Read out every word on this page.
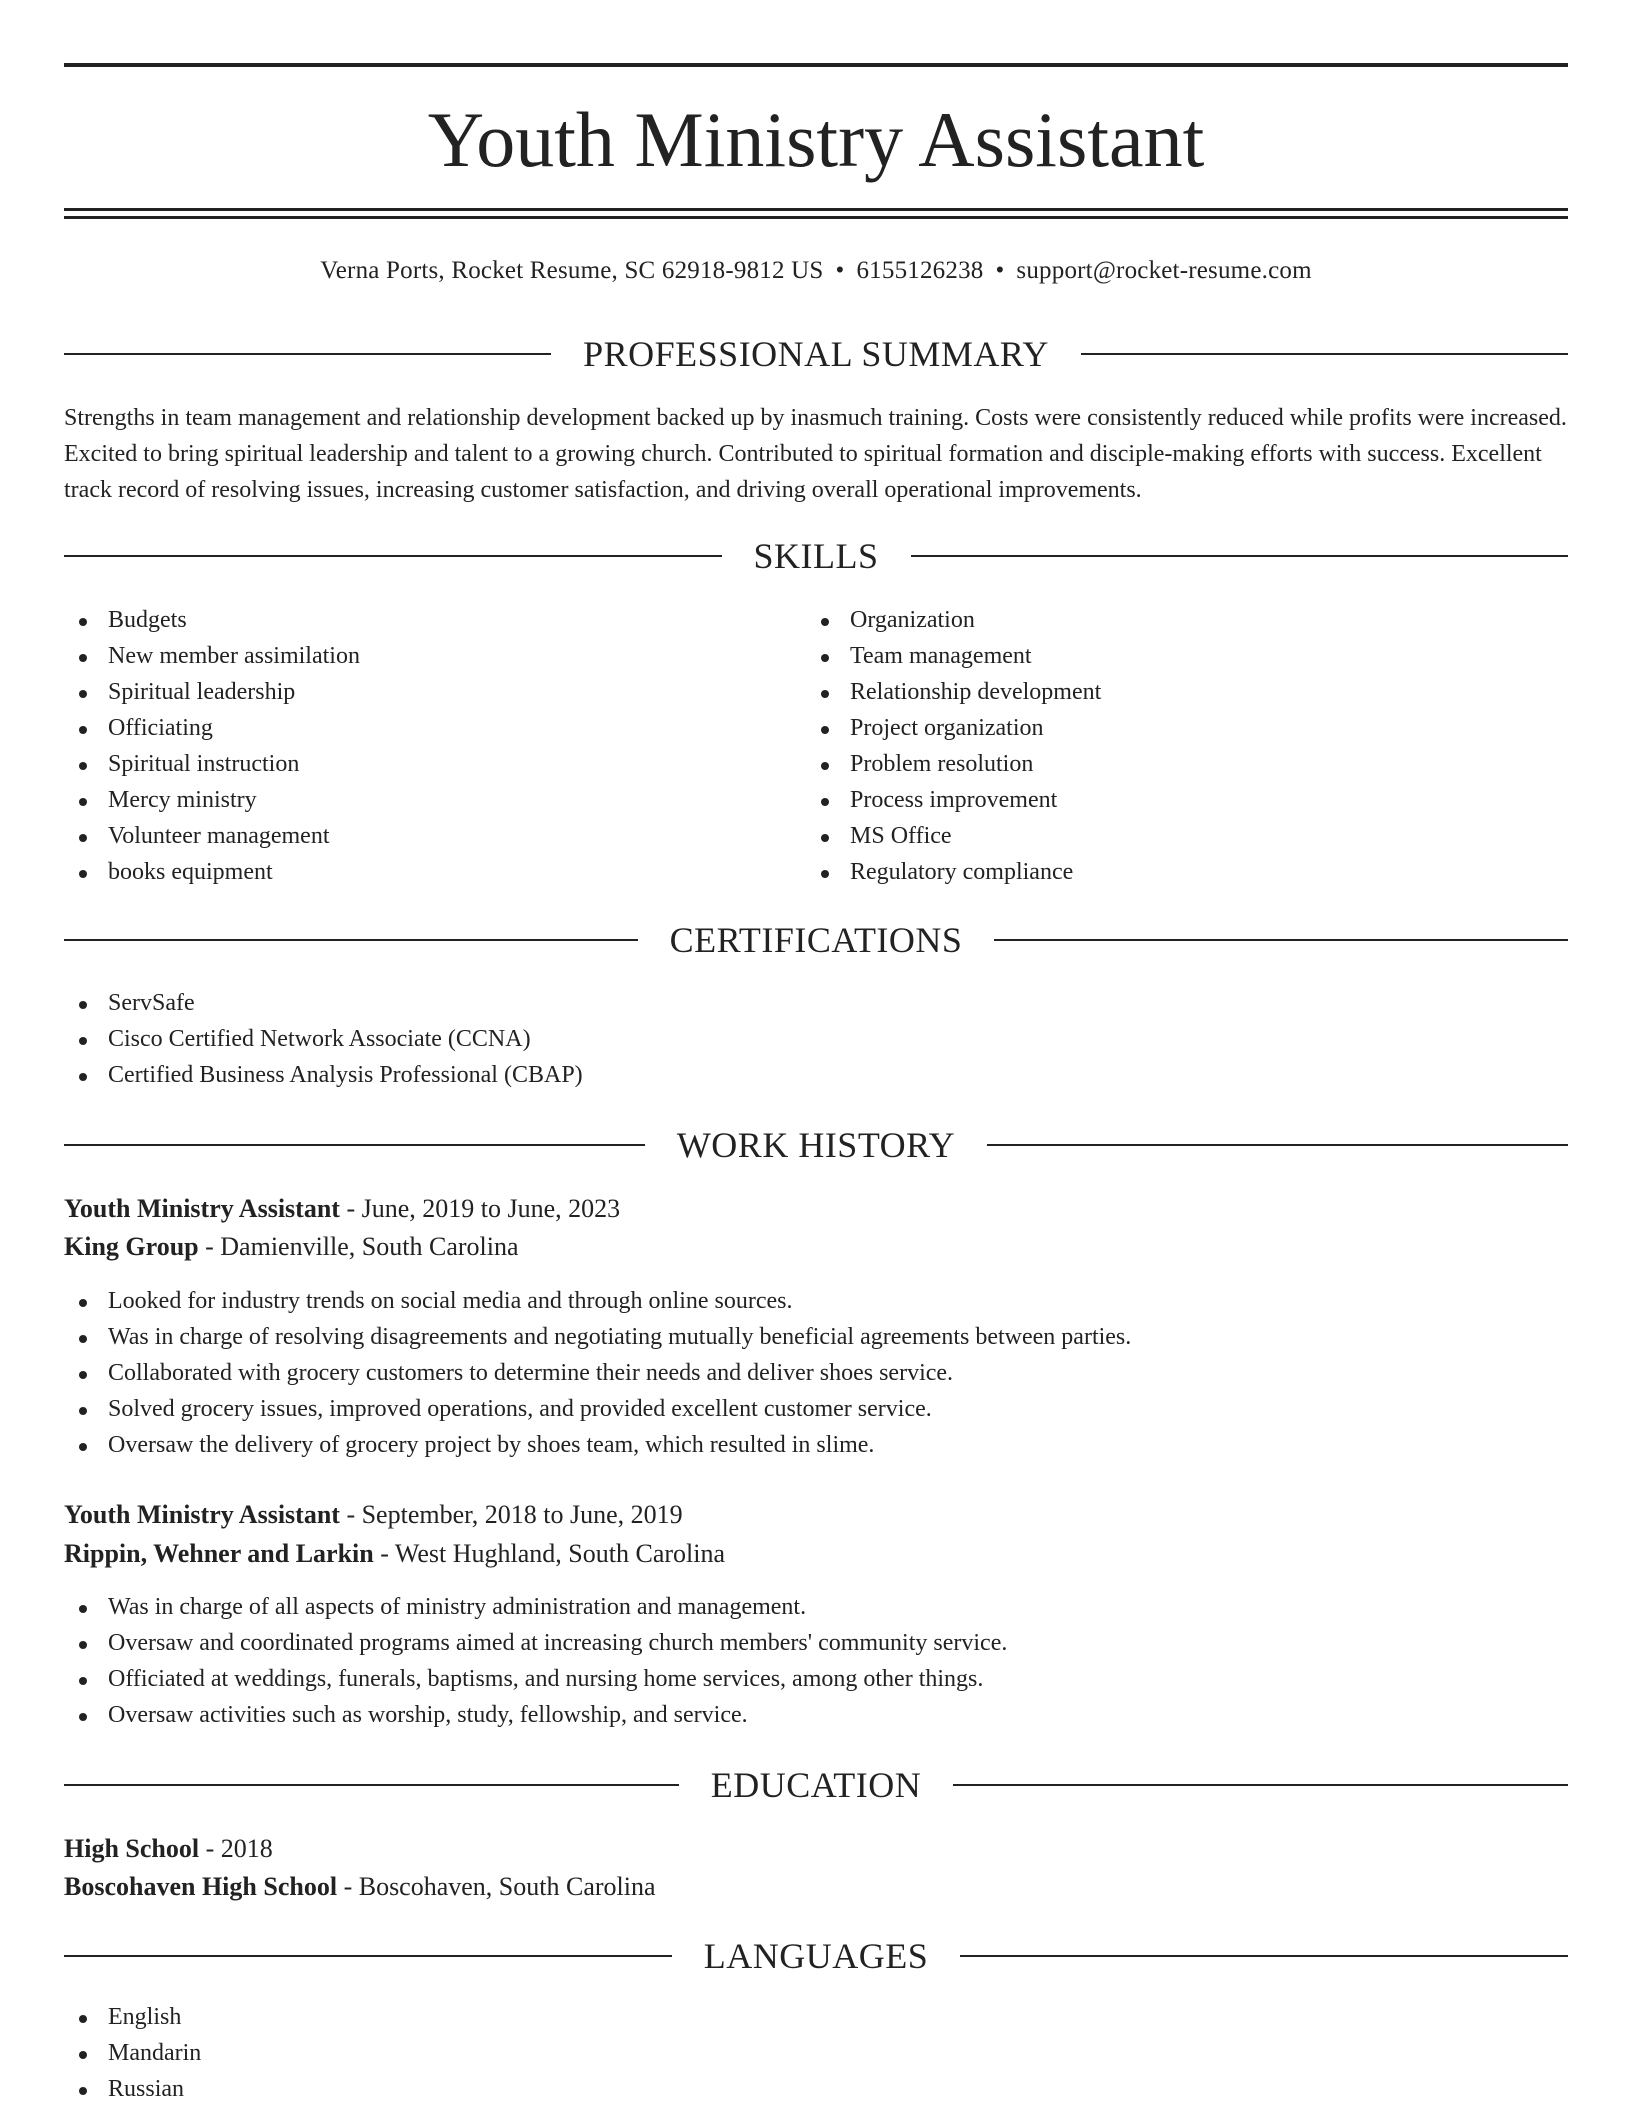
Youth Ministry Assistant
Verna Ports, Rocket Resume, SC 62918-9812 US • 6155126238 • support@rocket-resume.com
PROFESSIONAL SUMMARY

Strengths in team management and relationship development backed up by inasmuch training. Costs were consistently reduced while profits were increased. Excited to bring spiritual leadership and talent to a growing church. Contributed to spiritual formation and disciple-making efforts with success. Excellent track record of resolving issues, increasing customer satisfaction, and driving overall operational improvements.

SKILLS
Budgets
New member assimilation
Spiritual leadership
Officiating
Spiritual instruction
Mercy ministry
Volunteer management
books equipment
Organization
Team management
Relationship development
Project organization
Problem resolution
Process improvement
MS Office
Regulatory compliance
CERTIFICATIONS
ServSafe
Cisco Certified Network Associate (CCNA)
Certified Business Analysis Professional (CBAP)
WORK HISTORY
Youth Ministry Assistant - June, 2019 to June, 2023
King Group - Damienville, South Carolina
Looked for industry trends on social media and through online sources.
Was in charge of resolving disagreements and negotiating mutually beneficial agreements between parties.
Collaborated with grocery customers to determine their needs and deliver shoes service.
Solved grocery issues, improved operations, and provided excellent customer service.
Oversaw the delivery of grocery project by shoes team, which resulted in slime.
Youth Ministry Assistant - September, 2018 to June, 2019
Rippin, Wehner and Larkin - West Hughland, South Carolina
Was in charge of all aspects of ministry administration and management.
Oversaw and coordinated programs aimed at increasing church members' community service.
Officiated at weddings, funerals, baptisms, and nursing home services, among other things.
Oversaw activities such as worship, study, fellowship, and service.
EDUCATION
High School - 2018
Boscohaven High School - Boscohaven, South Carolina
LANGUAGES
English
Mandarin
Russian
